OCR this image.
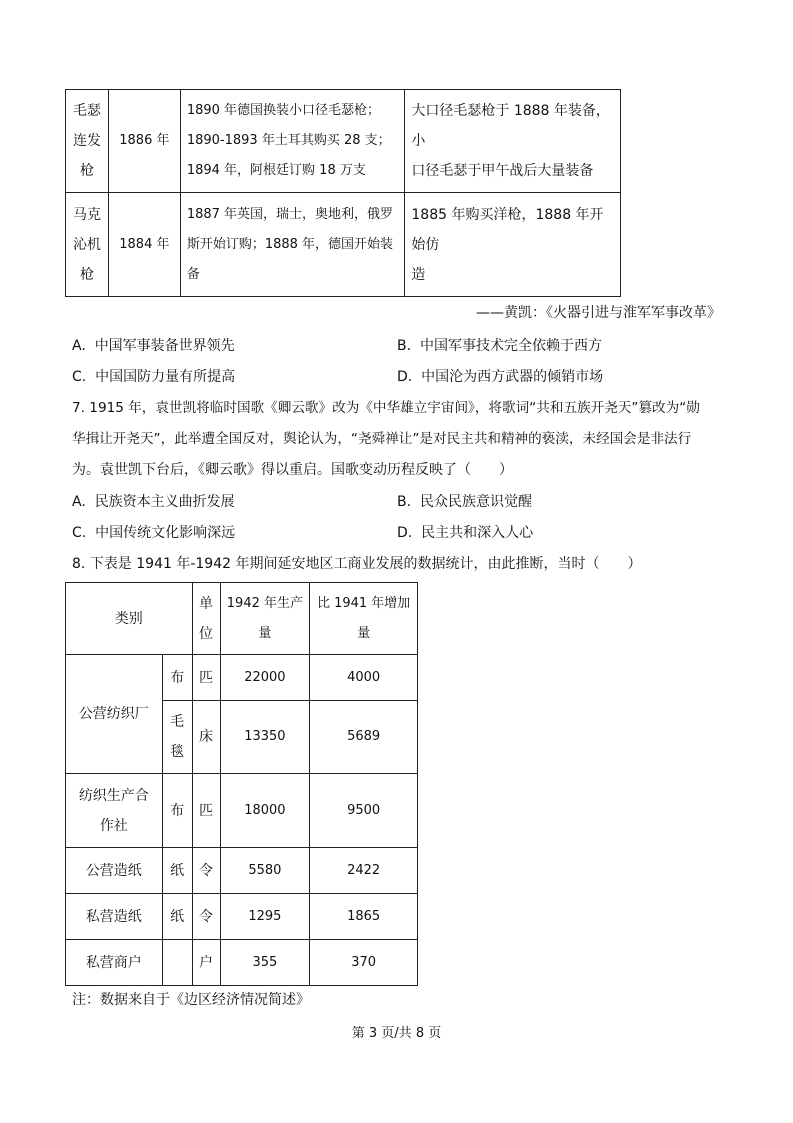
毛瑟
连发
枪	1886 年	1890 年德国换装小口径毛瑟枪；
1890-1893 年土耳其购买 28 支；
1894 年，阿根廷订购 18 万支	大口径毛瑟枪于 1888 年装备，小
口径毛瑟于甲午战后大量装备

马克
沁机
枪	1884 年	1887 年英国，瑞士，奥地利，俄罗
斯开始订购；1888 年，德国开始装
备	1885 年购买洋枪，1888 年开始仿
造
——黄凯：《火器引进与淮军军事改革》
A. 中国军事装备世界领先	B. 中国军事技术完全依赖于西方
C. 中国国防力量有所提高	D. 中国沦为西方武器的倾销市场
7. 1915 年，袁世凯将临时国歌《卿云歌》改为《中华雄立宇宙间》，将歌词“共和五族开尧天”篡改为“勋
华揖让开尧天”，此举遭全国反对，舆论认为，“尧舜禅让”是对民主共和精神的亵渎，未经国会是非法行
为。袁世凯下台后，《卿云歌》得以重启。国歌变动历程反映了（　　）
A. 民族资本主义曲折发展	B. 民众民族意识觉醒
C. 中国传统文化影响深远	D. 民主共和深入人心
8. 下表是 1941 年-1942 年期间延安地区工商业发展的数据统计，由此推断，当时（　　）
类别		单
位	1942 年生产
量	比 1941 年增加
量

公营纺织厂	布	匹	22000	4000

	毛
毯	床	13350	5689

纺织生产合
作社	布	匹	18000	9500
公营造纸	纸	令	5580	2422
私营造纸	纸	令	1295	1865
私营商户		户	355	370
注：数据来自于《边区经济情况简述》
第 3 页/共 8 页
